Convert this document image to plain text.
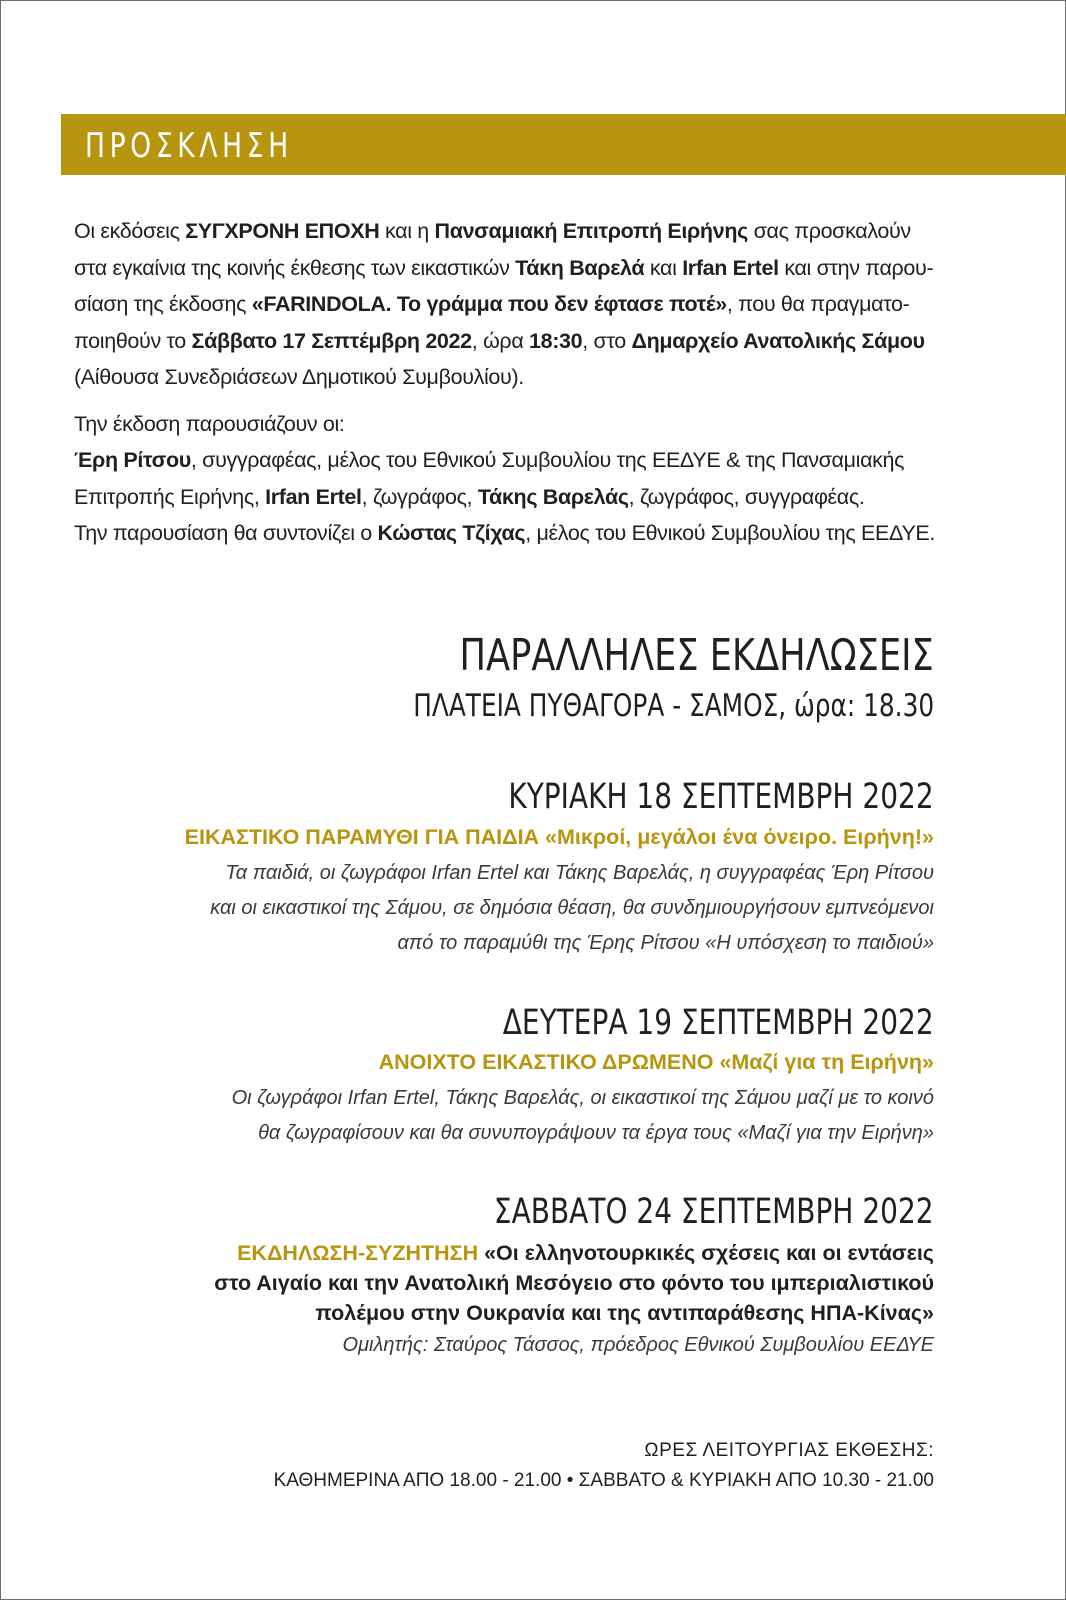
ΠΡΟΣΚΛΗΣΗ

Οι εκδόσεις ΣΥΓΧΡΟΝΗ ΕΠΟΧΗ και η Πανσαμιακή Επιτροπή Ειρήνης σας προσκαλούν
στα εγκαίνια της κοινής έκθεσης των εικαστικών Τάκη Βαρελά και Irfan Ertel και στην παρου-
σίαση της έκδοσης «FARINDOLA. Το γράμμα που δεν έφτασε ποτέ», που θα πραγματο-
ποιηθούν το Σάββατο 17 Σεπτέμβρη 2022, ώρα 18:30, στο Δημαρχείο Ανατολικής Σάμου
(Αίθουσα Συνεδριάσεων Δημοτικού Συμβουλίου).

Την έκδοση παρουσιάζουν οι:
Έρη Ρίτσου, συγγραφέας, μέλος του Εθνικού Συμβουλίου της ΕΕΔΥΕ & της Πανσαμιακής
Επιτροπής Ειρήνης, Irfan Ertel, ζωγράφος, Τάκης Βαρελάς, ζωγράφος, συγγραφέας.
Την παρουσίαση θα συντονίζει ο Κώστας Τζίχας, μέλος του Εθνικού Συμβουλίου της ΕΕΔΥΕ.

ΠΑΡΑΛΛΗΛΕΣ ΕΚΔΗΛΩΣΕΙΣ
ΠΛΑΤΕΙΑ ΠΥΘΑΓΟΡΑ - ΣΑΜΟΣ, ώρα: 18.30
ΚΥΡΙΑΚΗ 18 ΣΕΠΤΕΜΒΡΗ 2022
ΕΙΚΑΣΤΙΚΟ ΠΑΡΑΜΥΘΙ ΓΙΑ ΠΑΙΔΙΑ «Μικροί, μεγάλοι ένα όνειρο. Ειρήνη!»
Τα παιδιά, οι ζωγράφοι Irfan Ertel και Τάκης Βαρελάς, η συγγραφέας Έρη Ρίτσου
και οι εικαστικοί της Σάμου, σε δημόσια θέαση, θα συνδημιουργήσουν εμπνεόμενοι
από το παραμύθι της Έρης Ρίτσου «Η υπόσχεση το παιδιού»
ΔΕΥΤΕΡΑ 19 ΣΕΠΤΕΜΒΡΗ 2022
ΑΝΟΙΧΤΟ ΕΙΚΑΣΤΙΚΟ ΔΡΩΜΕΝΟ «Μαζί για τη Ειρήνη»
Οι ζωγράφοι Irfan Ertel, Τάκης Βαρελάς, οι εικαστικοί της Σάμου μαζί με το κοινό
θα ζωγραφίσουν και θα συνυπογράψουν τα έργα τους «Μαζί για την Ειρήνη»
ΣΑΒΒΑΤΟ 24 ΣΕΠΤΕΜΒΡΗ 2022
ΕΚΔΗΛΩΣΗ-ΣΥΖΗΤΗΣΗ «Οι ελληνοτουρκικές σχέσεις και οι εντάσεις
στο Αιγαίο και την Ανατολική Μεσόγειο στο φόντο του ιμπεριαλιστικού
πολέμου στην Ουκρανία και της αντιπαράθεσης ΗΠΑ-Κίνας»
Ομιλητής: Σταύρος Τάσσος, πρόεδρος Εθνικού Συμβουλίου ΕΕΔΥΕ
ΩΡΕΣ ΛΕΙΤΟΥΡΓΙΑΣ ΕΚΘΕΣΗΣ:
ΚΑΘΗΜΕΡΙΝΑ ΑΠΟ 18.00 - 21.00 • ΣΑΒΒΑΤΟ & ΚΥΡΙΑΚΗ ΑΠΟ 10.30 - 21.00
